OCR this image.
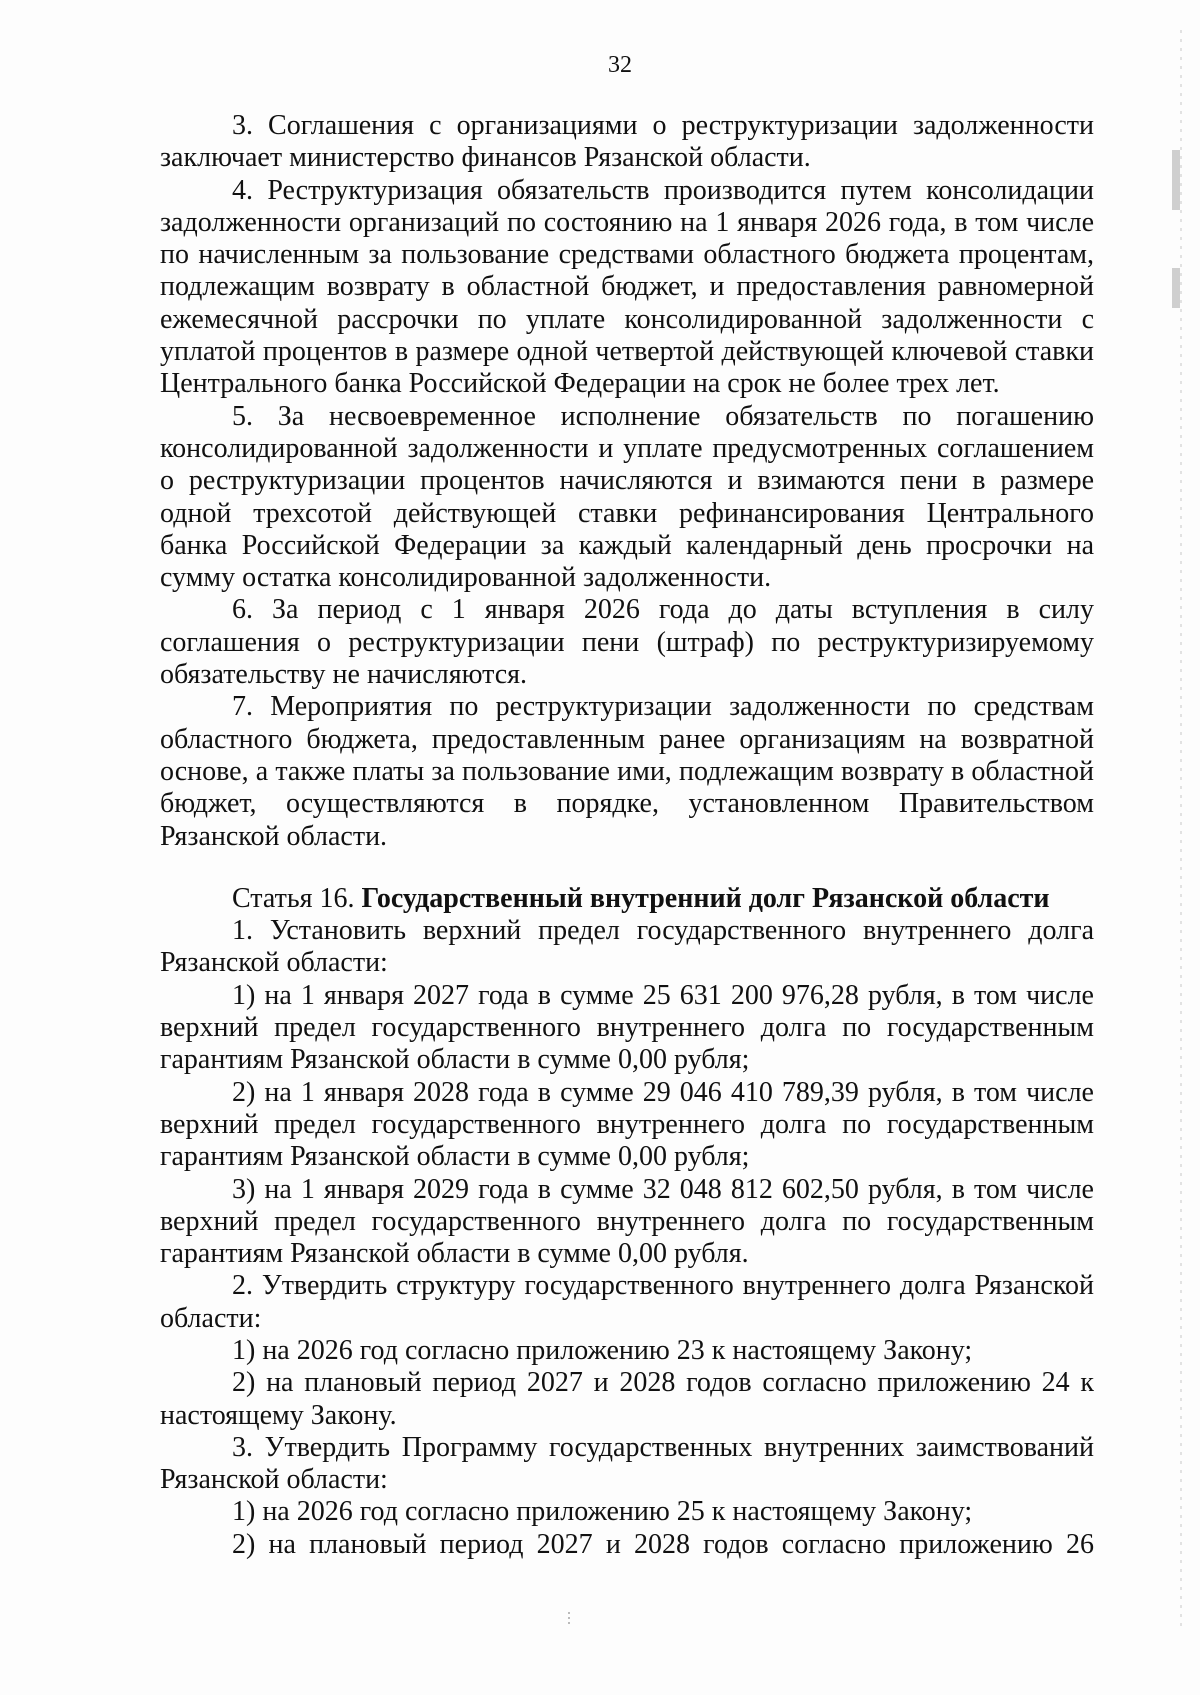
32

3. Соглашения с организациями о реструктуризации задолженности заключает министерство финансов Рязанской области.

4. Реструктуризация обязательств производится путем консолидации задолженности организаций по состоянию на 1 января 2026 года, в том числе по начисленным за пользование средствами областного бюджета процентам, подлежащим возврату в областной бюджет, и предоставления равномерной ежемесячной рассрочки по уплате консолидированной задолженности с уплатой процентов в размере одной четвертой действующей ключевой ставки Центрального банка Российской Федерации на срок не более трех лет.

5. За несвоевременное исполнение обязательств по погашению консолидированной задолженности и уплате предусмотренных соглашением о реструктуризации процентов начисляются и взимаются пени в размере одной трехсотой действующей ставки рефинансирования Центрального банка Российской Федерации за каждый календарный день просрочки на сумму остатка консолидированной задолженности.

6. За период с 1 января 2026 года до даты вступления в силу соглашения о реструктуризации пени (штраф) по реструктуризируемому обязательству не начисляются.

7. Мероприятия по реструктуризации задолженности по средствам областного бюджета, предоставленным ранее организациям на возвратной основе, а также платы за пользование ими, подлежащим возврату в областной бюджет, осуществляются в порядке, установленном Правительством Рязанской области.

Статья 16. Государственный внутренний долг Рязанской области

1. Установить верхний предел государственного внутреннего долга Рязанской области:

1) на 1 января 2027 года в сумме 25 631 200 976,28 рубля, в том числе верхний предел государственного внутреннего долга по государственным гарантиям Рязанской области в сумме 0,00 рубля;

2) на 1 января 2028 года в сумме 29 046 410 789,39 рубля, в том числе верхний предел государственного внутреннего долга по государственным гарантиям Рязанской области в сумме 0,00 рубля;

3) на 1 января 2029 года в сумме 32 048 812 602,50 рубля, в том числе верхний предел государственного внутреннего долга по государственным гарантиям Рязанской области в сумме 0,00 рубля.

2. Утвердить структуру государственного внутреннего долга Рязанской области:

1) на 2026 год согласно приложению 23 к настоящему Закону;

2) на плановый период 2027 и 2028 годов согласно приложению 24 к настоящему Закону.

3. Утвердить Программу государственных внутренних заимствований Рязанской области:

1) на 2026 год согласно приложению 25 к настоящему Закону;

2) на плановый период 2027 и 2028 годов согласно приложению 26
